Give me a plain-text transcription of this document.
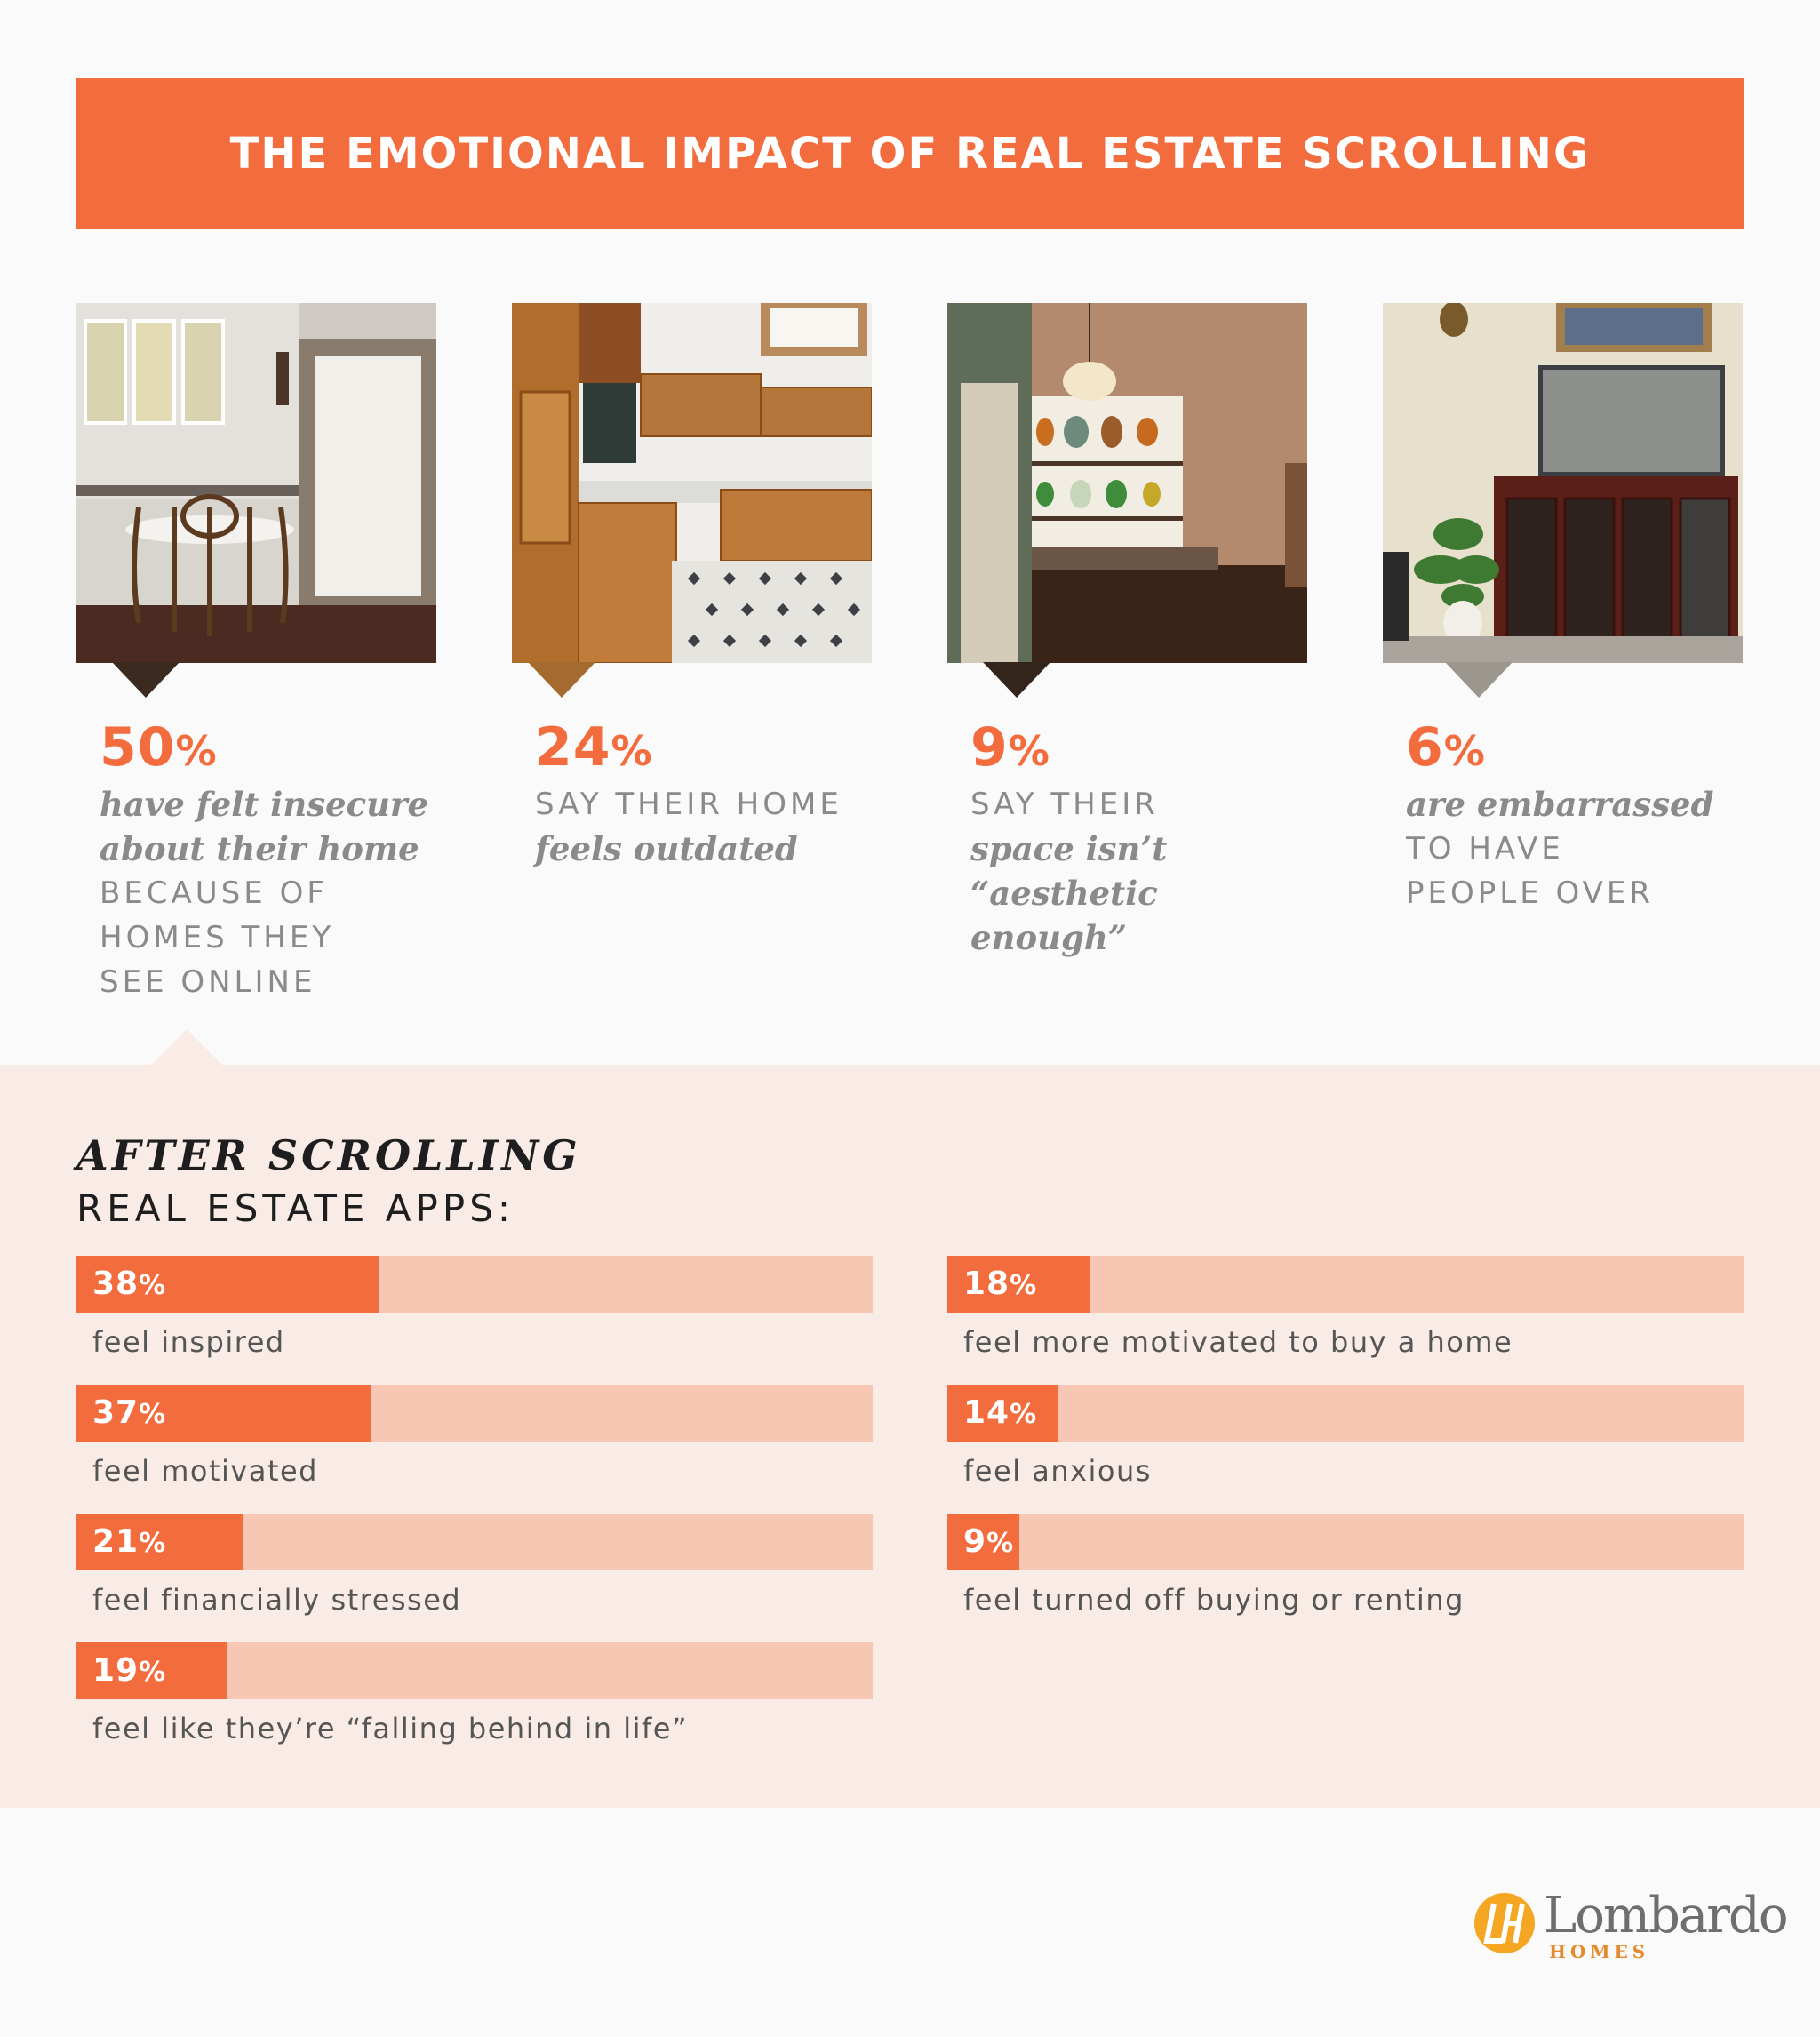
THE EMOTIONAL IMPACT OF REAL ESTATE SCROLLING
50%
have felt insecure
about their home
BECAUSE OF
HOMES THEY
SEE ONLINE
24%
SAY THEIR HOME
feels outdated
9%
SAY THEIR
space isn’t
“aesthetic enough”
6%
are embarrassed
TO HAVE
PEOPLE OVER
AFTER SCROLLING
REAL ESTATE APPS:
38%
feel inspired
37%
feel motivated
21%
feel financially stressed
19%
feel like they’re “falling behind in life”
18%
feel more motivated to buy a home
14%
feel anxious
9%
feel turned off buying or renting
Lombardo
HOMES
